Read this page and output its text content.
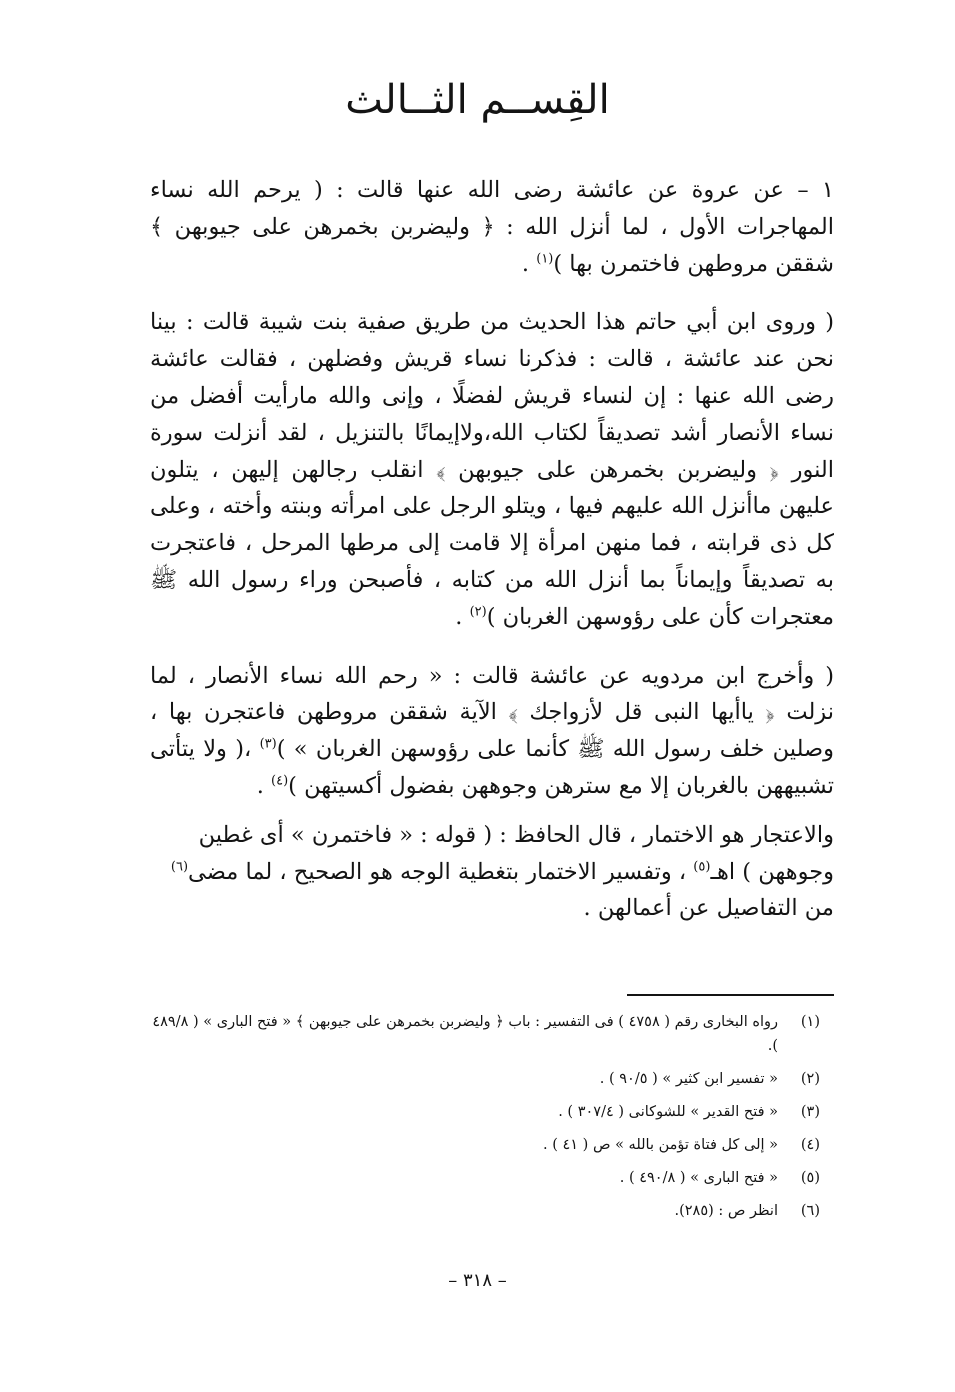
القِســم الثــالث

١ – عن عروة عن عائشة رضى الله عنها قالت : ( يرحم الله نساء المهاجرات الأول ، لما أنزل الله : ﴿ وليضربن بخمرهن على جيوبهن ﴾ شققن مروطهن فاختمرن بها )$^{(١)}$ .

( وروى ابن أبي حاتم هذا الحديث من طريق صفية بنت شيبة قالت : بينا نحن عند عائشة ، قالت : فذكرنا نساء قريش وفضلهن ، فقالت عائشة رضى الله عنها : إن لنساء قريش لفضلًا ، وإنى والله مارأيت أفضل من نساء الأنصار أشد تصديقاً لكتاب الله،ولاإيمانًا بالتنزيل ، لقد أنزلت سورة النور ﴿ وليضربن بخمرهن على جيوبهن ﴾ انقلب رجالهن إليهن ، يتلون عليهن ماأنزل الله عليهم فيها ، ويتلو الرجل على امرأته وبنته وأخته ، وعلى كل ذى قرابته ، فما منهن امرأة إلا قامت إلى مرطها المرحل ، فاعتجرت به تصديقاً وإيماناً بما أنزل الله من كتابه ، فأصبحن وراء رسول الله ﷺ معتجرات كأن على رؤوسهن الغربان )$^{(٢)}$ .

( وأخرج ابن مردويه عن عائشة قالت : « رحم الله نساء الأنصار ، لما نزلت ﴿ ياأيها النبى قل لأزواجك ﴾ الآية شققن مروطهن فاعتجرن بها ، وصلين خلف رسول الله ﷺ كأنما على رؤوسهن الغربان » )$^{(٣)}$ ،( ولا يتأتى تشبيههن بالغربان إلا مع سترهن وجوههن بفضول أكسيتهن )$^{(٤)}$ .

والاعتجار هو الاختمار ، قال الحافظ : ( قوله : « فاختمرن » أى غطين وجوههن ) اهـ$^{(٥)}$ ، وتفسير الاختمار بتغطية الوجه هو الصحيح ، لما مضى$^{(٦)}$ من التفاصيل عن أعمالهن .

(١)
رواه البخارى رقم ( ٤٧٥٨ ) فى التفسير : باب ﴿ وليضربن بخمرهن على جيوبهن ﴾ « فتح البارى » ( ٤٨٩/٨ ).
(٢)
« تفسير ابن كثير » ( ٩٠/٥ ) .
(٣)
« فتح القدير » للشوكانى ( ٣٠٧/٤ ) .
(٤)
« إلى كل فتاة تؤمن بالله » ص ( ٤١ ) .
(٥)
« فتح البارى » ( ٤٩٠/٨ ) .
(٦)
انظر ص : (٢٨٥).
– ٣١٨ –
